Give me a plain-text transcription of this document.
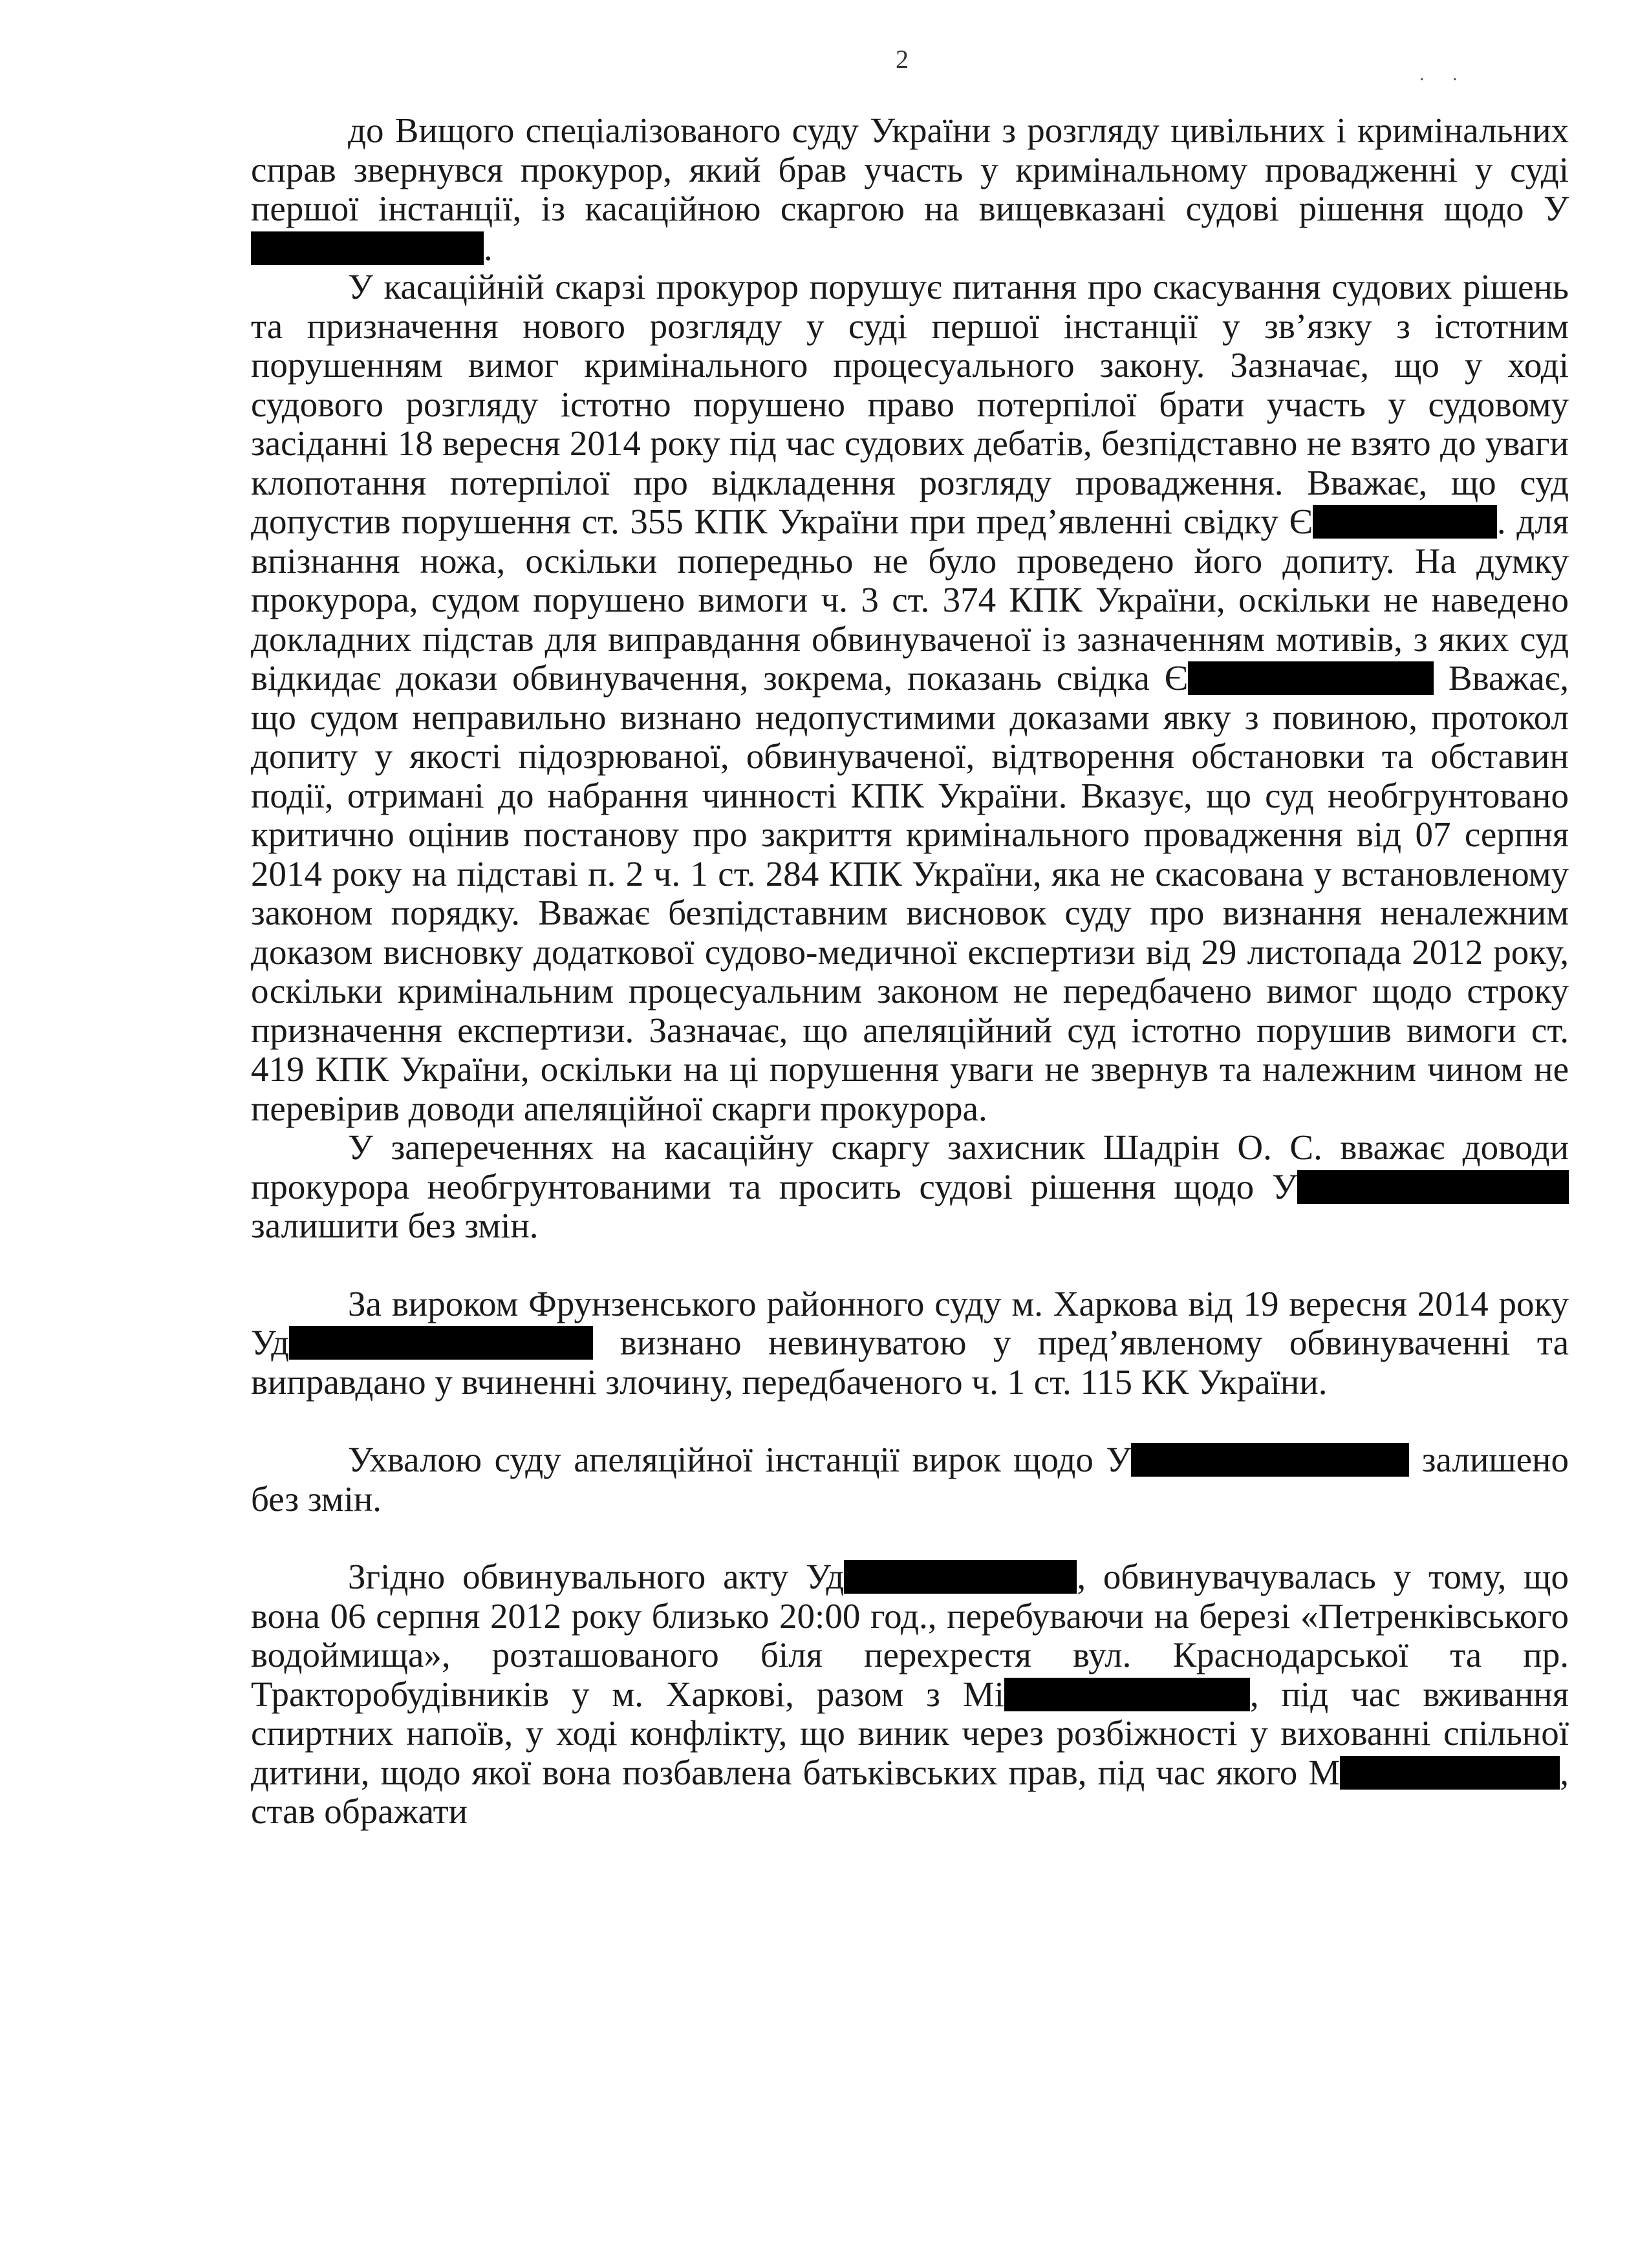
2
. .

до Вищого спеціалізованого суду України з розгляду цивільних і кримінальних справ звернувся прокурор, який брав участь у кримінальному провадженні у суді першої інстанції, із касаційною скаргою на вищевказані судові рішення щодо У.

У касаційній скарзі прокурор порушує питання про скасування судових рішень та призначення нового розгляду у суді першої інстанції у зв’язку з істотним порушенням вимог кримінального процесуального закону. Зазначає, що у ході судового розгляду істотно порушено право потерпілої брати участь у судовому засіданні 18 вересня 2014 року під час судових дебатів, безпідставно не взято до уваги клопотання потерпілої про відкладення розгляду провадження. Вважає, що суд допустив порушення ст. 355 КПК України при пред’явленні свідку Є	. для впізнання ножа, оскільки попередньо не було проведено його допиту. На думку прокурора, судом порушено вимоги ч. 3 ст. 374 КПК України, оскільки не наведено докладних підстав для виправдання обвинуваченої із зазначенням мотивів, з яких суд відкидає докази обвинувачення, зокрема, показань свідка Є	Вважає, що судом неправильно визнано недопустимими доказами явку з повиною, протокол допиту у якості підозрюваної, обвинуваченої, відтворення обстановки та обставин події, отримані до набрання чинності КПК України. Вказує, що суд необгрунтовано критично оцінив постанову про закриття кримінального провадження від 07 серпня 2014 року на підставі п. 2 ч. 1 ст. 284 КПК України, яка не скасована у встановленому законом порядку. Вважає безпідставним висновок суду про визнання неналежним доказом висновку додаткової судово-медичної експертизи від 29 листопада 2012 року, оскільки кримінальним процесуальним законом не передбачено вимог щодо строку призначення експертизи. Зазначає, що апеляційний суд істотно порушив вимоги ст. 419 КПК України, оскільки на ці порушення уваги не звернув та належним чином не перевірив доводи апеляційної скарги прокурора.

У запереченнях на касаційну скаргу захисник Шадрін О. С. вважає доводи прокурора необгрунтованими та просить судові рішення щодо У залишити без змін.

За вироком Фрунзенського районного суду м. Харкова від 19 вересня 2014 року Уд	визнано невинуватою у пред’явленому обвинуваченні та виправдано у вчиненні злочину, передбаченого ч. 1 ст. 115 КК України.

Ухвалою суду апеляційної інстанції вирок щодо У	залишено без змін.

Згідно обвинувального акту Уд	, обвинувачувалась у тому, що вона 06 серпня 2012 року близько 20:00 год., перебуваючи на березі «Петренківського водоймища», розташованого біля перехрестя вул. Краснодарської та пр. Тракторобудівників у м. Харкові, разом з Мі	, під час вживання спиртних напоїв, у ході конфлікту, що виник через розбіжності у вихованні спільної дитини, щодо якої вона позбавлена батьківських прав, під час якого М	, став ображати
